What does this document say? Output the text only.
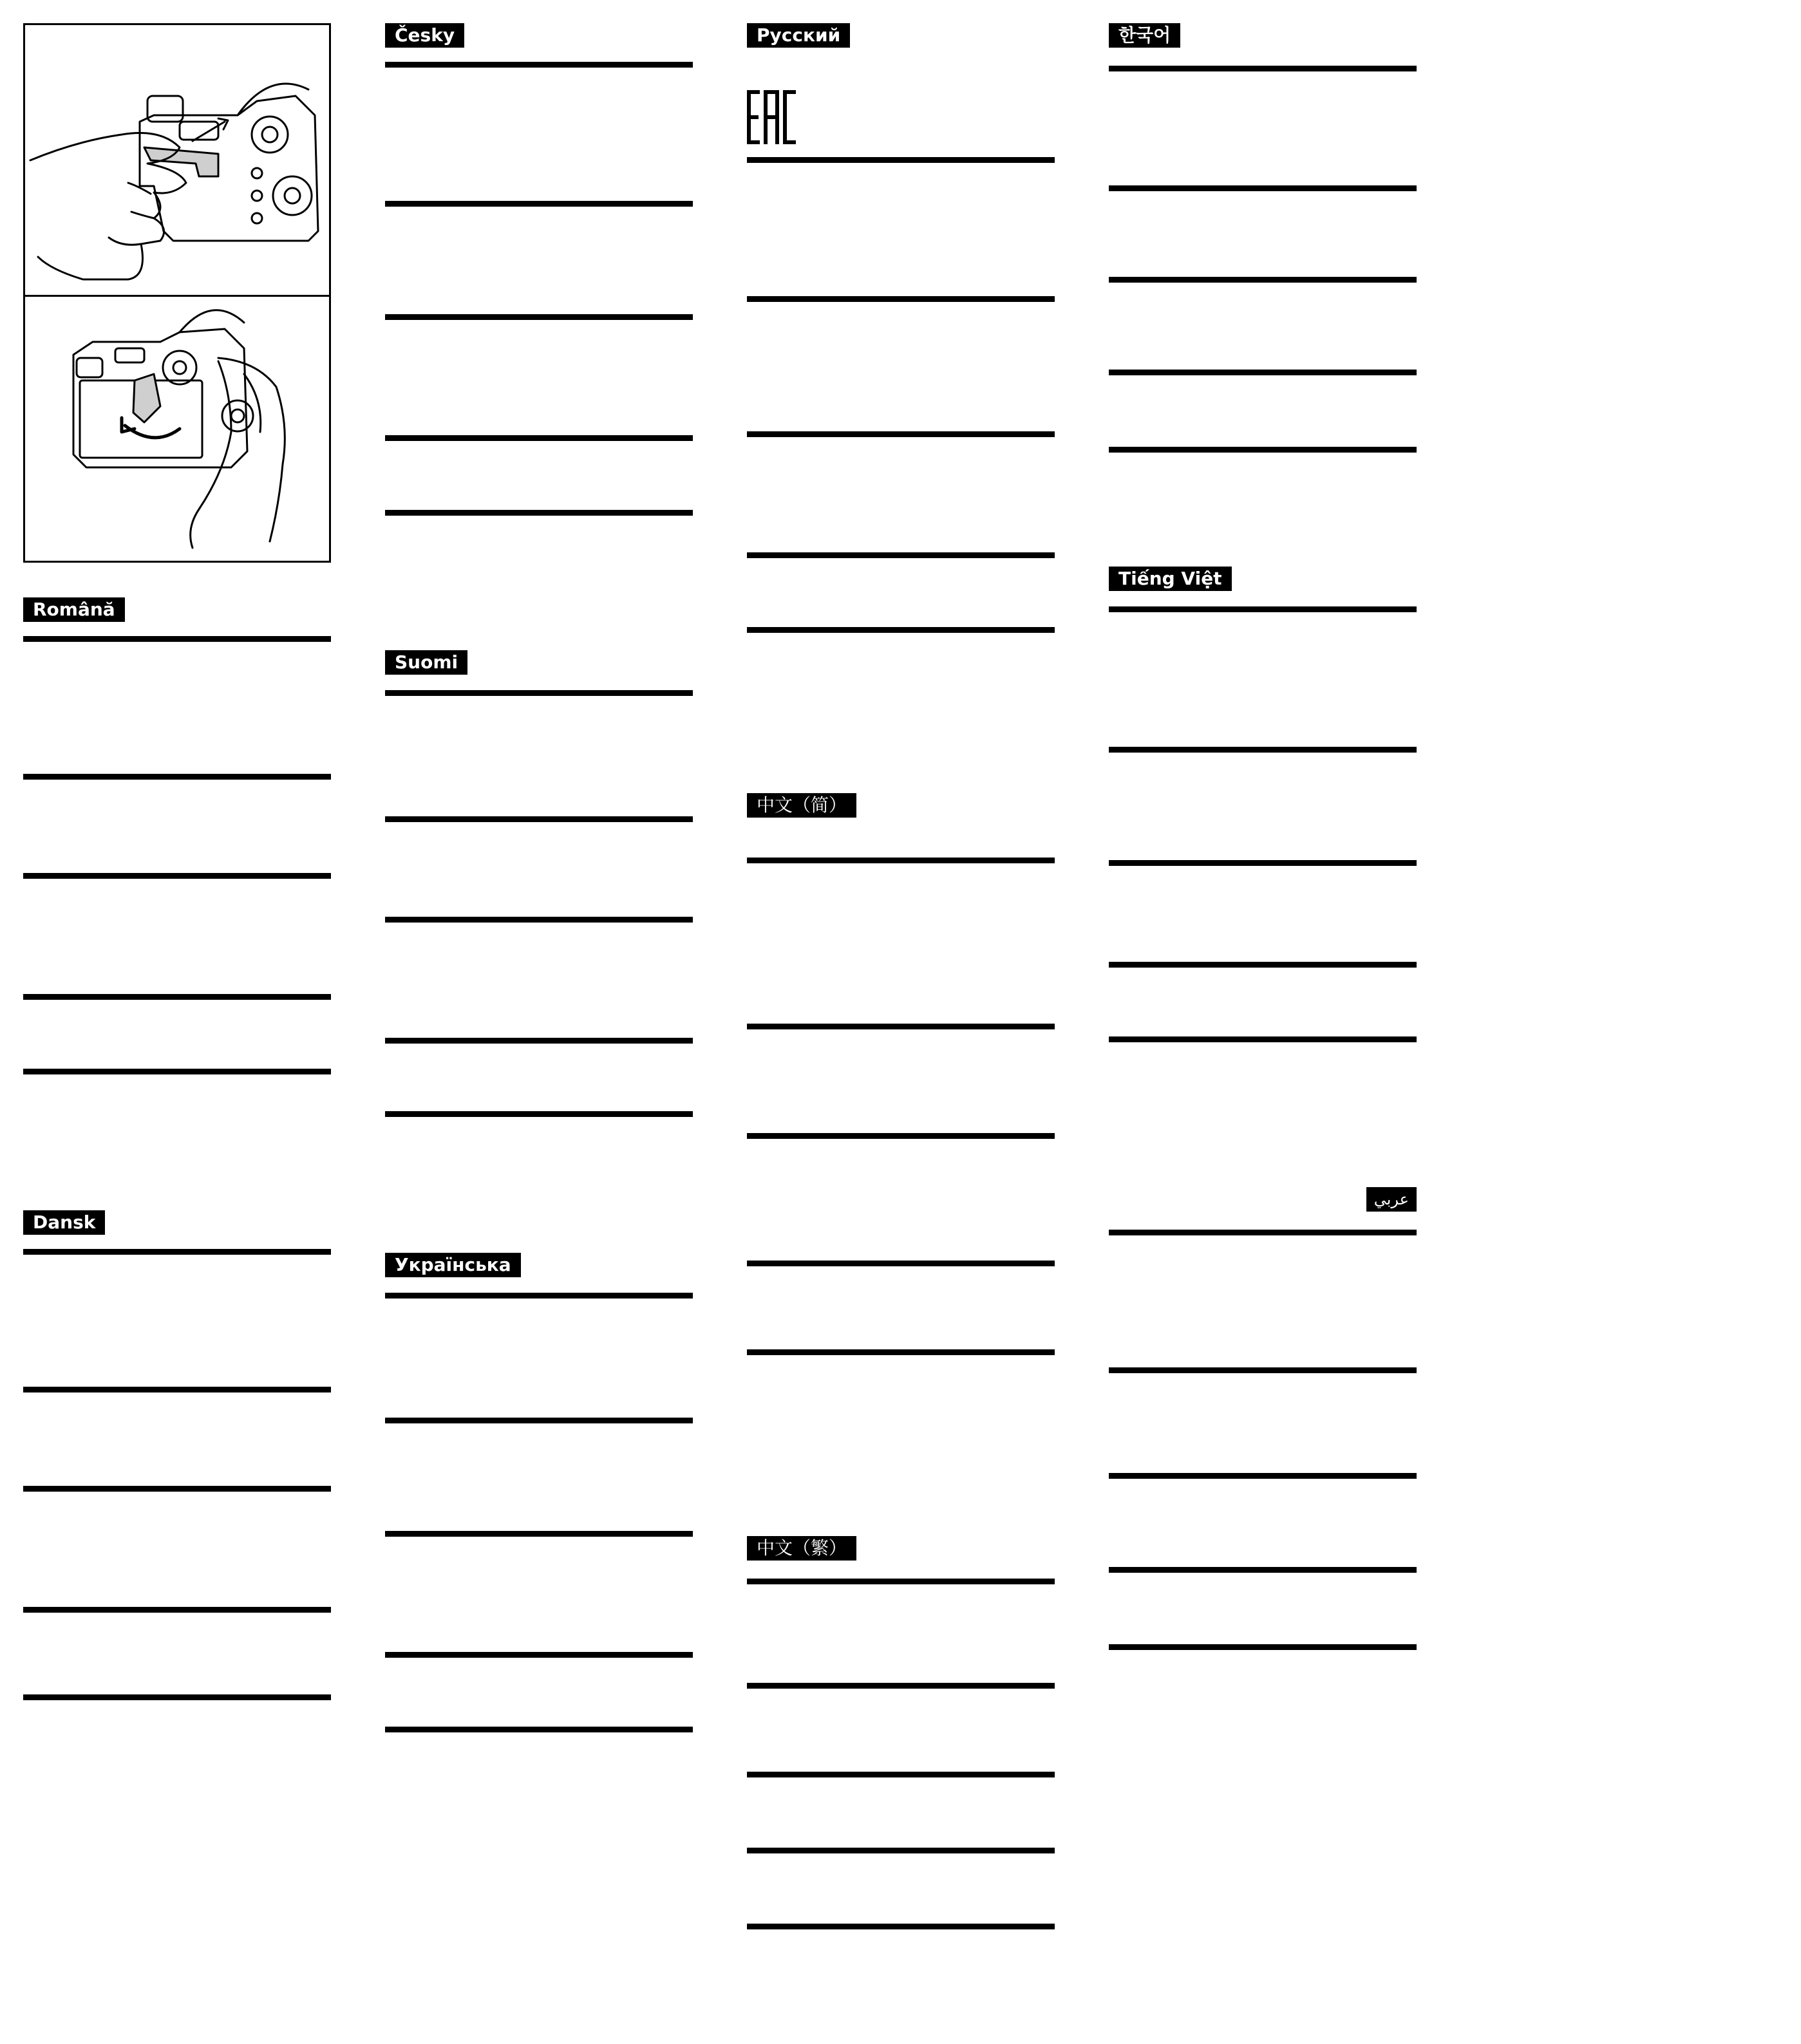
Română
Dansk
Česky
Suomi
Українська
Русский
中文（简）
中文（繁）
한국어
Tiếng Việt
عربي
